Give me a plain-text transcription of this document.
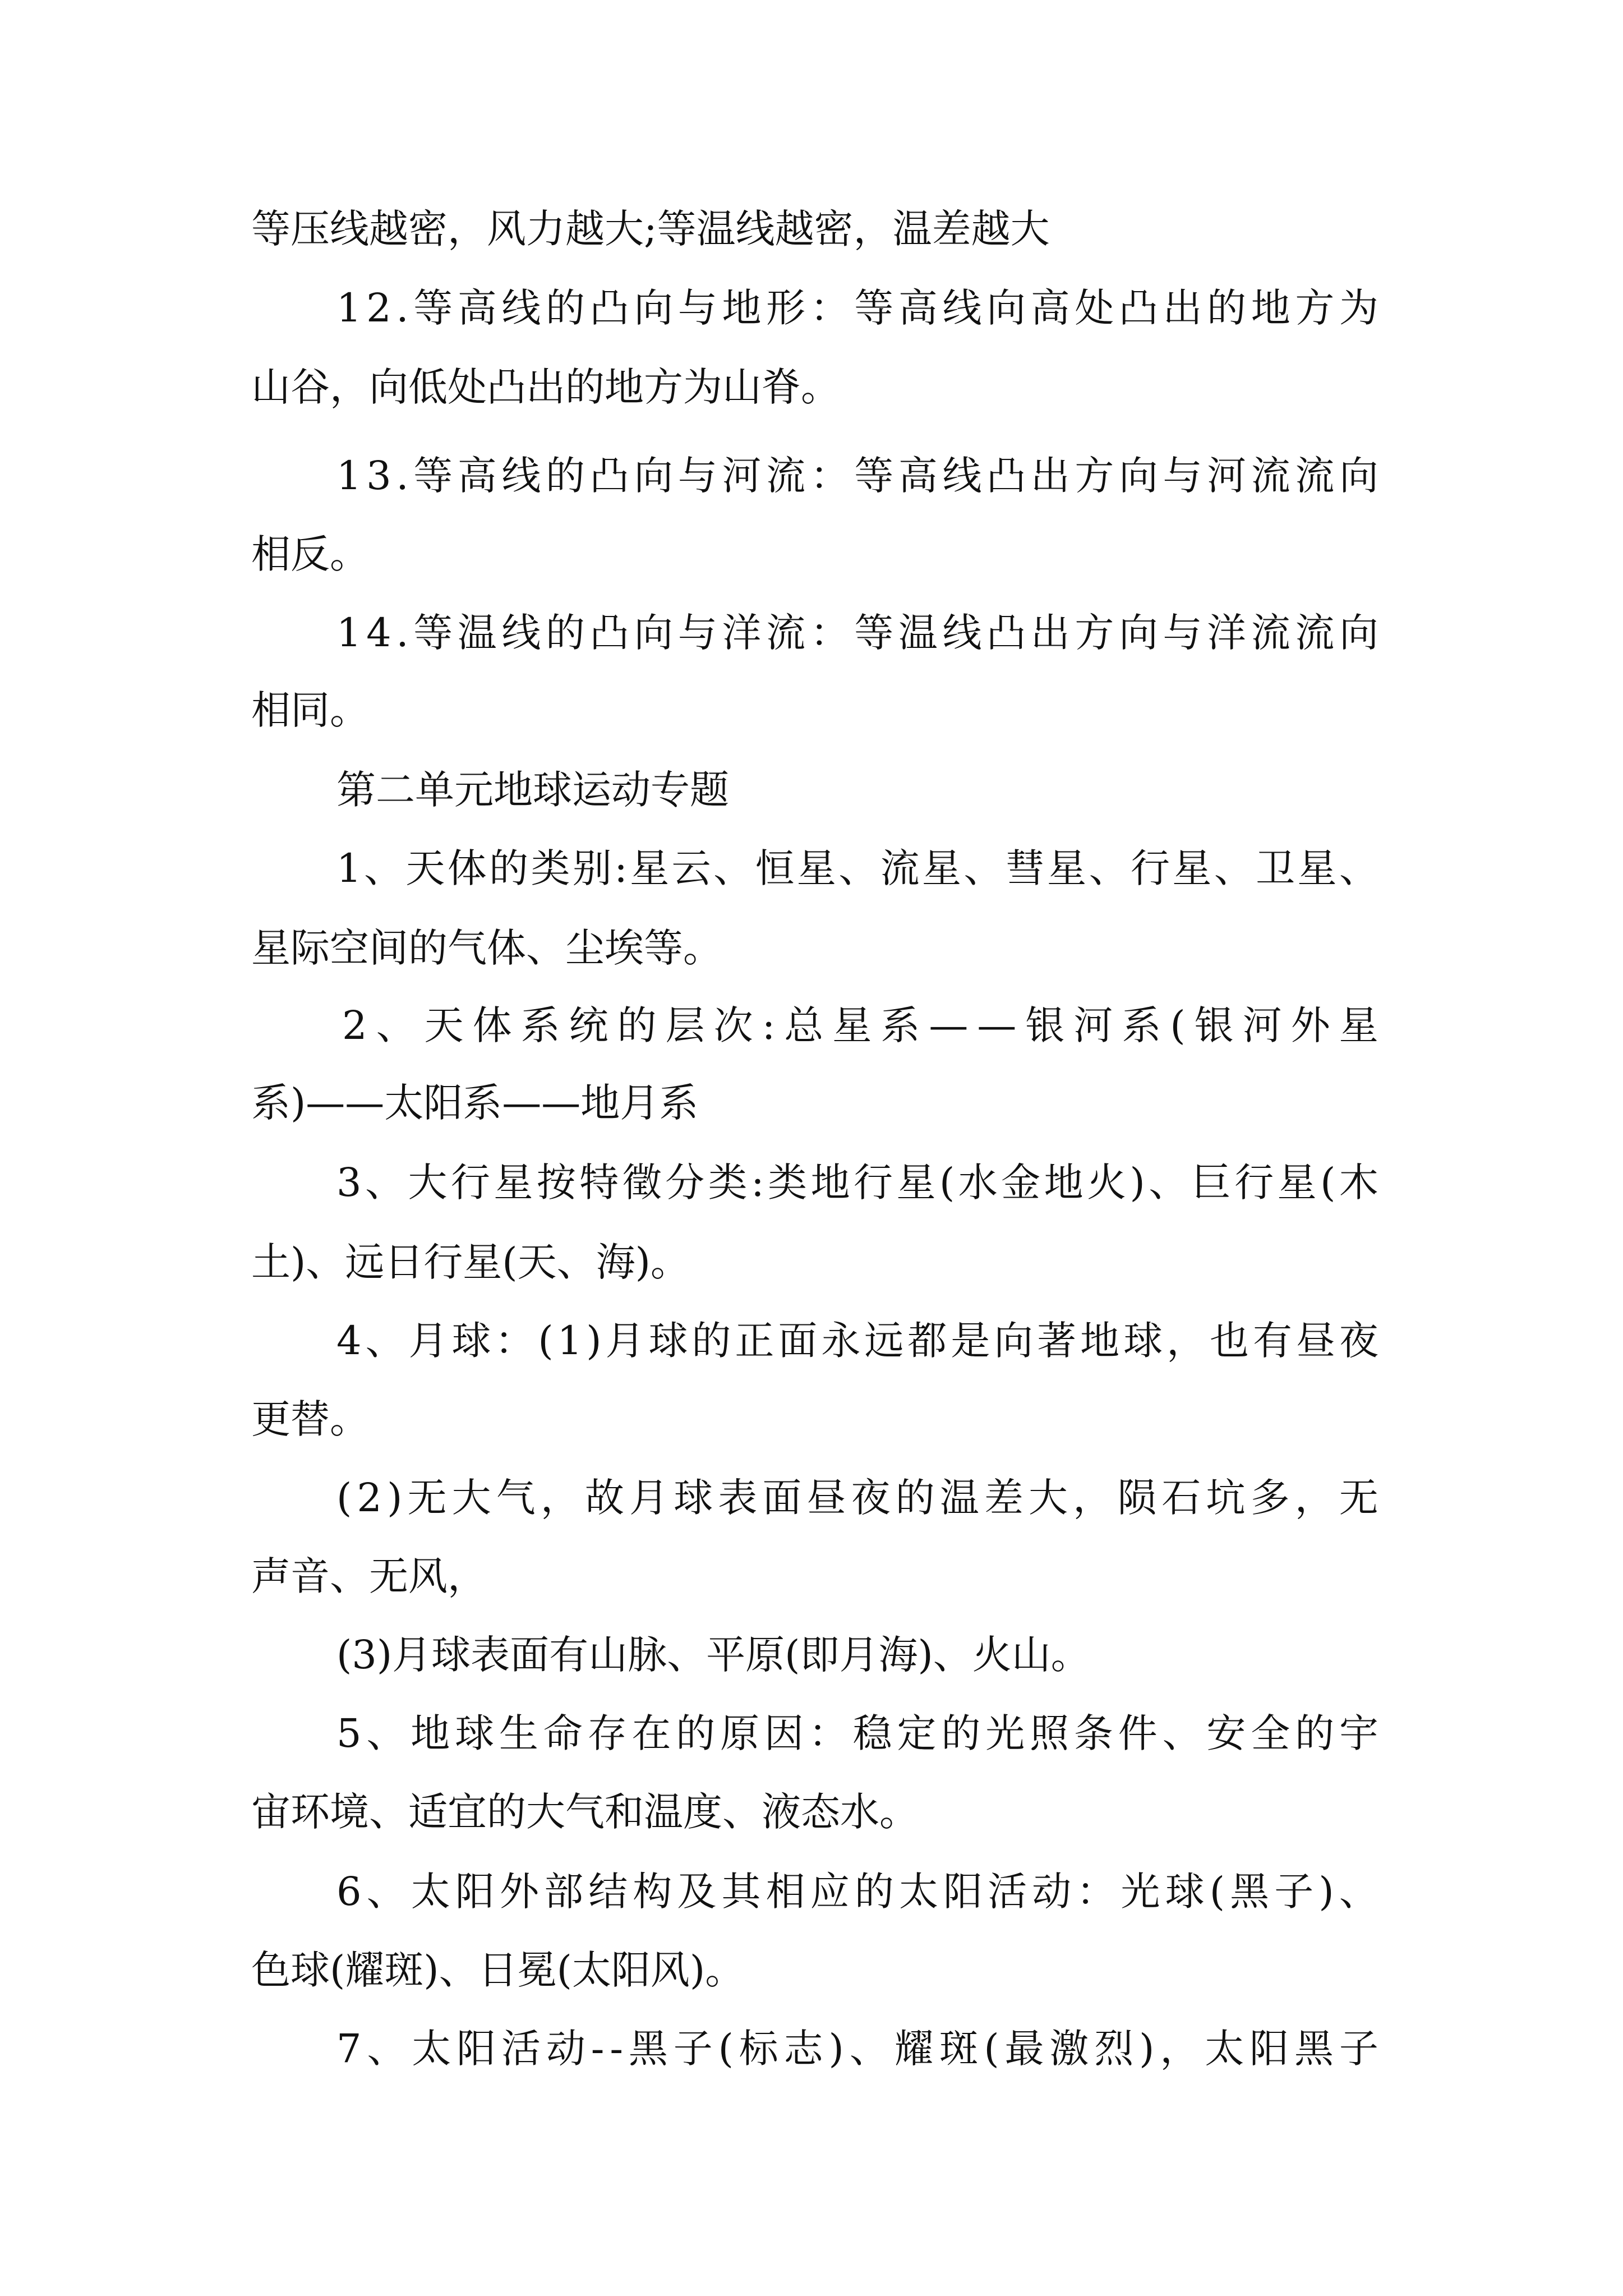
等压线越密，风力越大;等温线越密，温差越大
1 2 . 等 高 线 的 凸 向 与 地 形 ： 等 高 线 向 高 处 凸 出 的 地 方 为
山谷，向低处凸出的地方为山脊。
1 3 . 等 高 线 的 凸 向 与 河 流 ： 等 高 线 凸 出 方 向 与 河 流 流 向
相反。
1 4 . 等 温 线 的 凸 向 与 洋 流 ： 等 温 线 凸 出 方 向 与 洋 流 流 向
相同。
第二单元地球运动专题
1 、 天 体 的 类 别 : 星 云 、 恒 星 、 流 星 、 彗 星 、 行 星 、 卫 星 、
星际空间的气体、尘埃等。
2 、 天 体 系 统 的 层 次 : 总 星 系 — — 银 河 系 ( 银 河 外 星
系)——太阳系——地月系
3 、 大 行 星 按 特 徵 分 类 : 类 地 行 星 ( 水 金 地 火 ) 、 巨 行 星 ( 木
土)、远日行星(天、海)。
4 、 月 球 ： ( 1 ) 月 球 的 正 面 永 远 都 是 向 著 地 球 ， 也 有 昼 夜
更替。
( 2 ) 无 大 气 ， 故 月 球 表 面 昼 夜 的 温 差 大 ， 陨 石 坑 多 ， 无
声音、无风，
(3)月球表面有山脉、平原(即月海)、火山。
5 、 地 球 生 命 存 在 的 原 因 ： 稳 定 的 光 照 条 件 、 安 全 的 宇
宙环境、适宜的大气和温度、液态水。
6 、 太 阳 外 部 结 构 及 其 相 应 的 太 阳 活 动 ： 光 球 ( 黑 子 ) 、
色球(耀斑)、日冕(太阳风)。
7 、 太 阳 活 动 - - 黑 子 ( 标 志 ) 、 耀 斑 ( 最 激 烈 ) ， 太 阳 黑 子
